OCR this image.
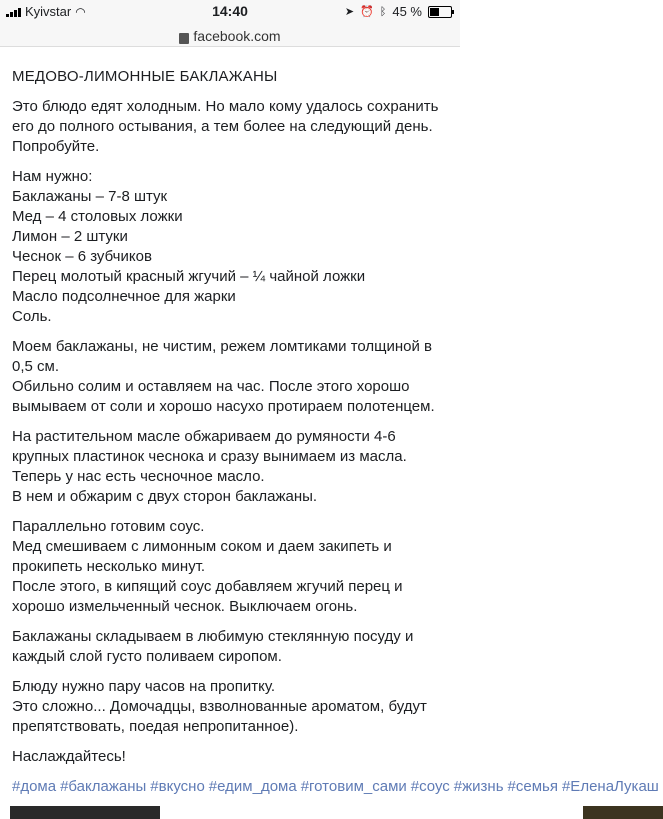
Kyivstar ◠	14:40	➤ ⏰ ᛒ 45 %
facebook.com
МЕДОВО-ЛИМОННЫЕ БАКЛАЖАНЫ
Это блюдо едят холодным. Но мало кому удалось сохранить его до полного остывания, а тем более на следующий день. Попробуйте.
Нам нужно:
Баклажаны – 7-8 штук
Мед – 4 столовых ложки
Лимон – 2 штуки
Чеснок – 6 зубчиков
Перец молотый красный жгучий – ¼ чайной ложки
Масло подсолнечное для жарки
Соль.
Моем баклажаны, не чистим, режем ломтиками толщиной в 0,5 см.
Обильно солим и оставляем на час. После этого хорошо вымываем от соли и хорошо насухо протираем полотенцем.
На растительном масле обжариваем до румяности 4-6 крупных пластинок чеснока и сразу вынимаем из масла. Теперь у нас есть чесночное масло.
В нем и обжарим с двух сторон баклажаны.
Параллельно готовим соус.
Мед смешиваем с лимонным соком и даем закипеть и прокипеть несколько минут.
После этого, в кипящий соус добавляем жгучий перец и хорошо измельченный чеснок. Выключаем огонь.
Баклажаны складываем в любимую стеклянную посуду и каждый слой густо поливаем сиропом.
Блюду нужно пару часов на пропитку.
Это сложно... Домочадцы, взволнованные ароматом, будут препятствовать, поедая непропитанное).
Наслаждайтесь!
#дома #баклажаны #вкусно #едим_дома #готовим_сами #соус #жизнь #семья #ЕленаЛукаш
